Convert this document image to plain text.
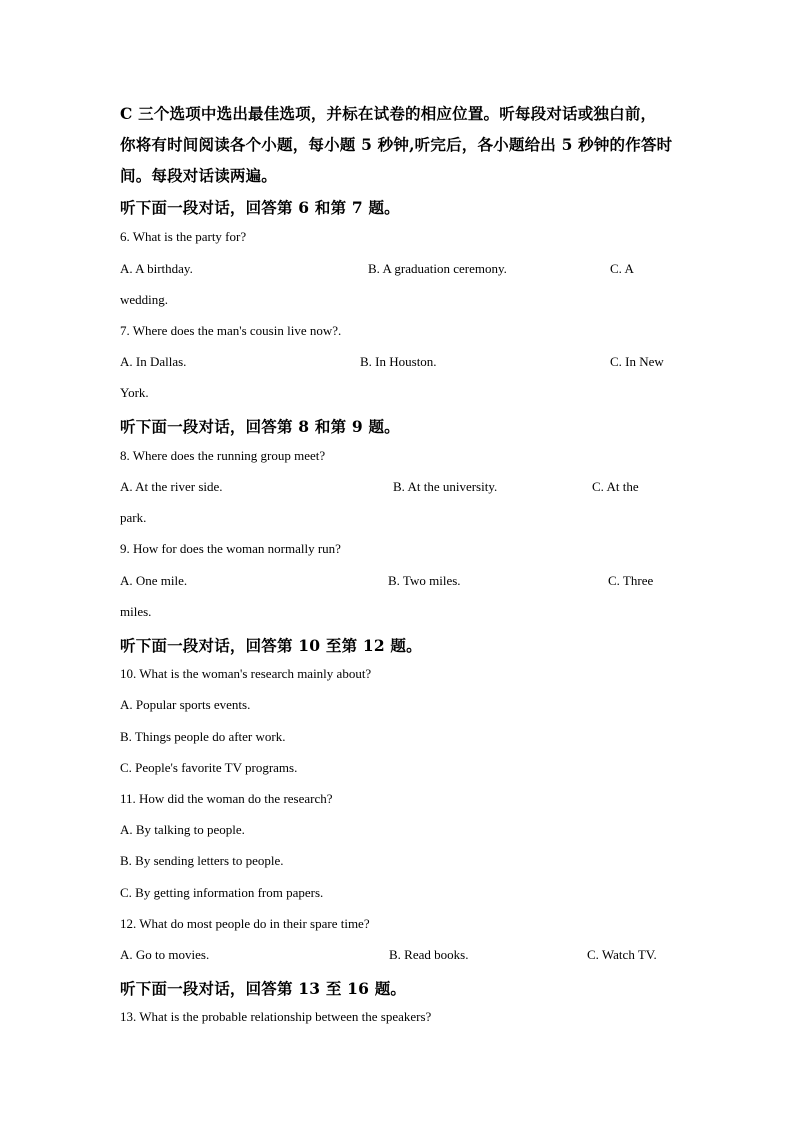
C 三个选项中选出最佳选项，并标在试卷的相应位置。听每段对话或独白前，
你将有时间阅读各个小题，每小题 5 秒钟,听完后，各小题给出 5 秒钟的作答时
间。每段对话读两遍。
听下面一段对话，回答第 6 和第 7 题。
6. What is the party for?
A. A birthday.	B. A graduation ceremony.	C. A
wedding.
7. Where does the man's cousin live now?.
A. In Dallas.	B. In Houston.	C. In New
York.
听下面一段对话，回答第 8 和第 9 题。
8. Where does the running group meet?
A. At the river side.	B. At the university.	C. At the
park.
9. How for does the woman normally run?
A. One mile.	B. Two miles.	C. Three
miles.
听下面一段对话，回答第 10 至第 12 题。
10. What is the woman's research mainly about?
A. Popular sports events.
B. Things people do after work.
C. People's favorite TV programs.
11. How did the woman do the research?
A. By talking to people.
B. By sending letters to people.
C. By getting information from papers.
12. What do most people do in their spare time?
A. Go to movies.	B. Read books.	C. Watch TV.
听下面一段对话，回答第 13 至 16 题。
13. What is the probable relationship between the speakers?
